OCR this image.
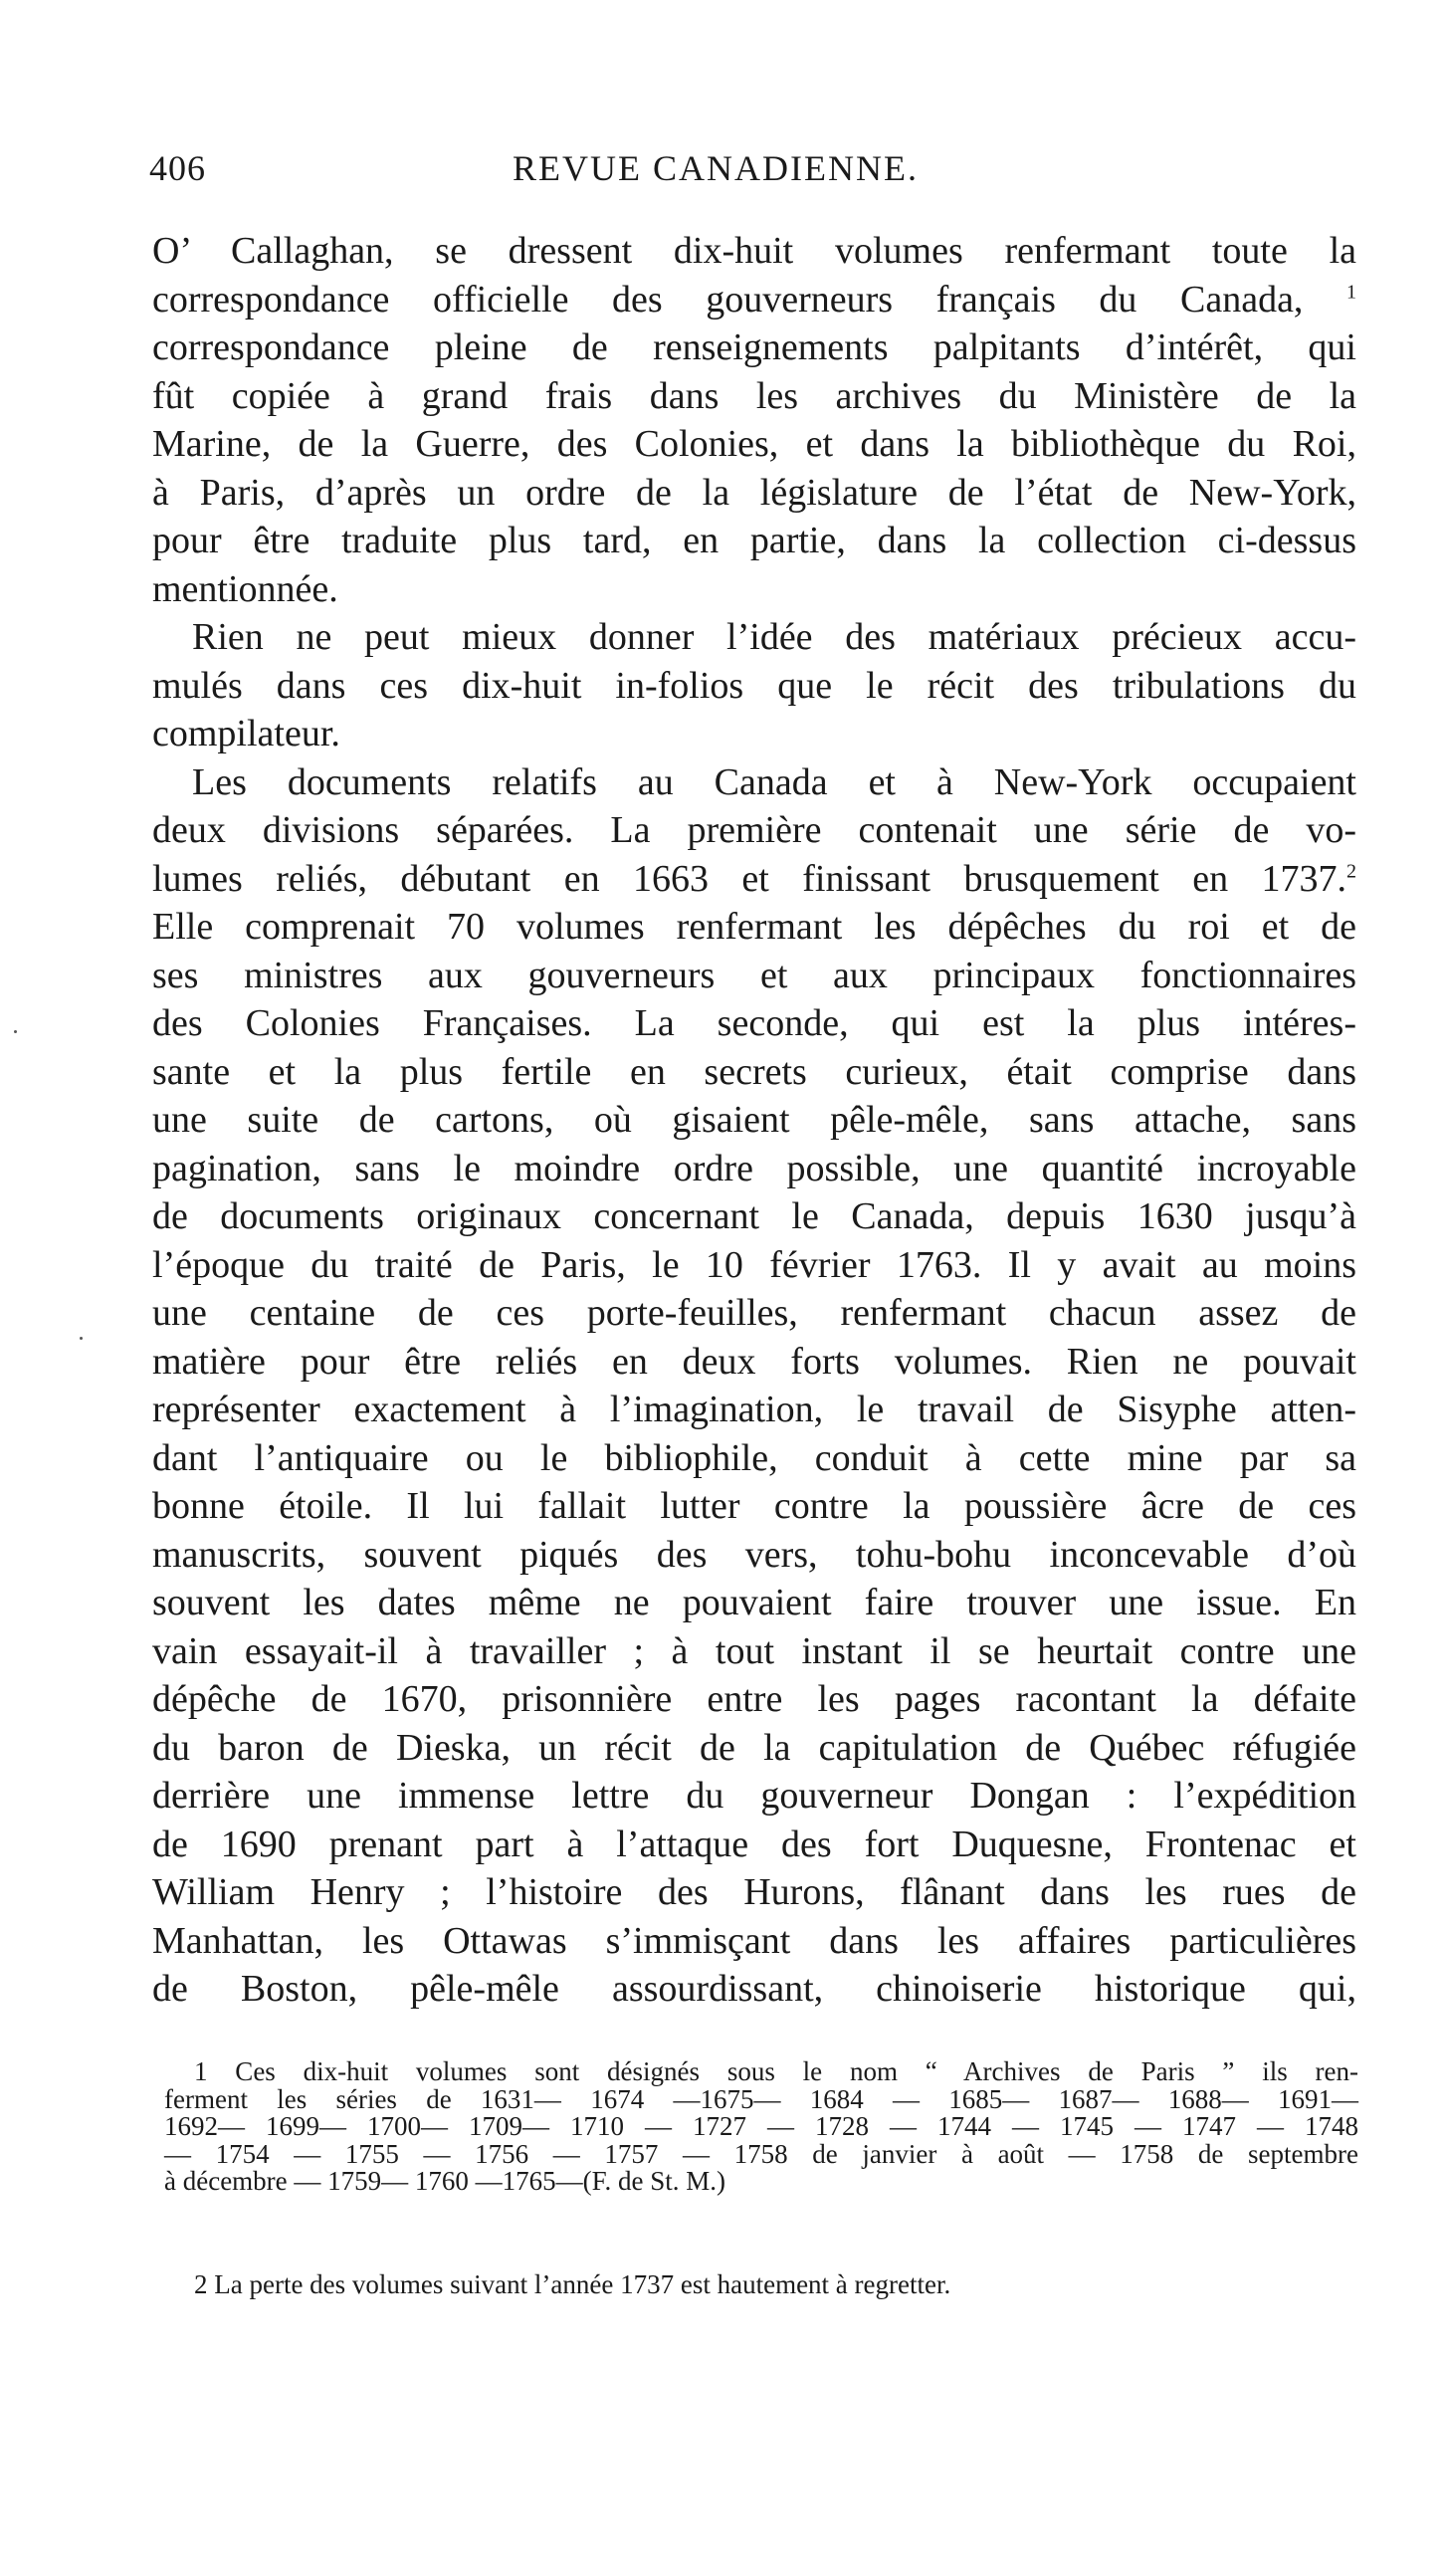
406	REVUE CANADIENNE.
O’ Callaghan, se dressent dix-huit volumes renfermant toute la
correspondance officielle des gouverneurs français du Canada, $^1$
correspondance pleine de renseignements palpitants d’intérêt, qui
fût copiée à grand frais dans les archives du Ministère de la
Marine, de la Guerre, des Colonies, et dans la bibliothèque du Roi,
à Paris, d’après un ordre de la législature de l’état de New-York,
pour être traduite plus tard, en partie, dans la collection ci-dessus
mentionnée.
Rien ne peut mieux donner l’idée des matériaux précieux accu-
mulés dans ces dix-huit in-folios que le récit des tribulations du
compilateur.
Les documents relatifs au Canada et à New-York occupaient
deux divisions séparées. La première contenait une série de vo-
lumes reliés, débutant en 1663 et finissant brusquement en 1737.$^2$
Elle comprenait 70 volumes renfermant les dépêches du roi et de
ses ministres aux gouverneurs et aux principaux fonctionnaires
des Colonies Françaises. La seconde, qui est la plus intéres-
sante et la plus fertile en secrets curieux, était comprise dans
une suite de cartons, où gisaient pêle-mêle, sans attache, sans
pagination, sans le moindre ordre possible, une quantité incroyable
de documents originaux concernant le Canada, depuis 1630 jusqu’à
l’époque du traité de Paris, le 10 février 1763. Il y avait au moins
une centaine de ces porte-feuilles, renfermant chacun assez de
matière pour être reliés en deux forts volumes. Rien ne pouvait
représenter exactement à l’imagination, le travail de Sisyphe atten-
dant l’antiquaire ou le bibliophile, conduit à cette mine par sa
bonne étoile. Il lui fallait lutter contre la poussière âcre de ces
manuscrits, souvent piqués des vers, tohu-bohu inconcevable d’où
souvent les dates même ne pouvaient faire trouver une issue. En
vain essayait-il à travailler ; à tout instant il se heurtait contre une
dépêche de 1670, prisonnière entre les pages racontant la défaite
du baron de Dieska, un récit de la capitulation de Québec réfugiée
derrière une immense lettre du gouverneur Dongan : l’expédition
de 1690 prenant part à l’attaque des fort Duquesne, Frontenac et
William Henry ; l’histoire des Hurons, flânant dans les rues de
Manhattan, les Ottawas s’immisçant dans les affaires particulières
de Boston, pêle-mêle assourdissant, chinoiserie historique qui,
1 Ces dix-huit volumes sont désignés sous le nom “ Archives de Paris ” ils ren-
ferment les séries de 1631— 1674 —1675— 1684 — 1685— 1687— 1688— 1691—
1692— 1699— 1700— 1709— 1710 — 1727 — 1728 — 1744 — 1745 — 1747 — 1748
— 1754 — 1755 — 1756 — 1757 — 1758 de janvier à août — 1758 de septembre
à décembre — 1759— 1760 —1765—(F. de St. M.)
2 La perte des volumes suivant l’année 1737 est hautement à regretter.
